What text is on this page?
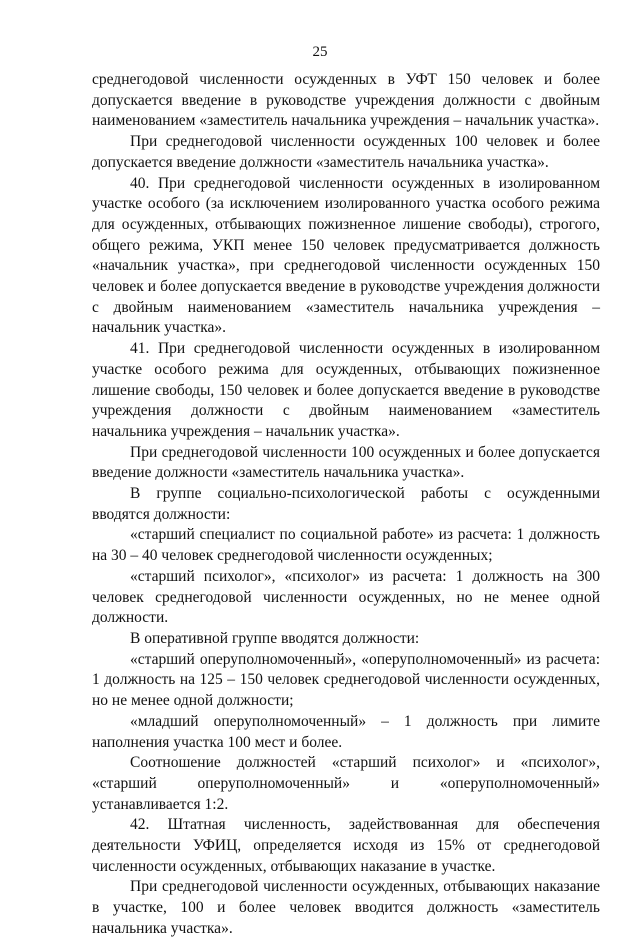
25

среднегодовой численности осужденных в УФТ 150 человек и более допускается введение в руководстве учреждения должности с двойным наименованием «заместитель начальника учреждения – начальник участка».

При среднегодовой численности осужденных 100 человек и более допускается введение должности «заместитель начальника участка».

40. При среднегодовой численности осужденных в изолированном участке особого (за исключением изолированного участка особого режима для осужденных, отбывающих пожизненное лишение свободы), строгого, общего режима, УКП менее 150 человек предусматривается должность «начальник участка», при среднегодовой численности осужденных 150 человек и более допускается введение в руководстве учреждения должности с двойным наименованием «заместитель начальника учреждения – начальник участка».

41. При среднегодовой численности осужденных в изолированном участке особого режима для осужденных, отбывающих пожизненное лишение свободы, 150 человек и более допускается введение в руководстве учреждения должности с двойным наименованием «заместитель начальника учреждения – начальник участка».

При среднегодовой численности 100 осужденных и более допускается введение должности «заместитель начальника участка».

В группе социально-психологической работы с осужденными вводятся должности:

«старший специалист по социальной работе» из расчета: 1 должность на 30 – 40 человек среднегодовой численности осужденных;

«старший психолог», «психолог» из расчета: 1 должность на 300 человек среднегодовой численности осужденных, но не менее одной должности.

В оперативной группе вводятся должности:

«старший оперуполномоченный», «оперуполномоченный» из расчета: 1 должность на 125 – 150 человек среднегодовой численности осужденных, но не менее одной должности;

«младший оперуполномоченный» – 1 должность при лимите наполнения участка 100 мест и более.

Соотношение должностей «старший психолог» и «психолог», «старший оперуполномоченный» и «оперуполномоченный» устанавливается 1:2.

42. Штатная численность, задействованная для обеспечения деятельности УФИЦ, определяется исходя из 15% от среднегодовой численности осужденных, отбывающих наказание в участке.

При среднегодовой численности осужденных, отбывающих наказание в участке, 100 и более человек вводится должность «заместитель начальника участка».
